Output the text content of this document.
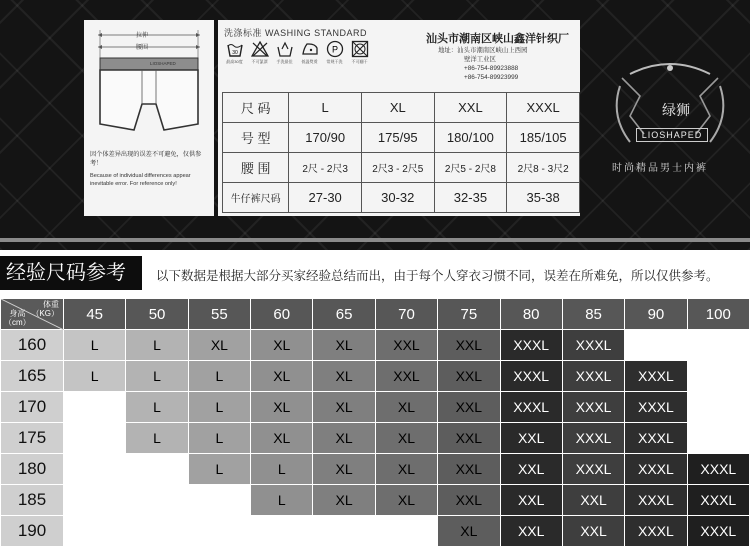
拉伸
腰围
LIOSHAPED
因个体差异出现的误差不可避免，仅供参考！
Because of individual differences appear inevitable error. For reference only!
洗涤标准 WASHING STANDARD
30
最高30度 不可氯漂	手洗最佳	低温熨烫
P
常规干洗	不可翻干
汕头市潮南区峡山鑫洋针织厂
地址：汕头市潮南区峡山上西园
壁洋工业区
+86-754-89923888
+86-754-89923999
尺 码	L	XL	XXL	XXXL
号 型	170/90	175/95	180/100	185/105
腰 围	2尺 - 2尺3	2尺3 - 2尺5	2尺5 - 2尺8	2尺8 - 3尺2
牛仔裤尺码	27-30	30-32	32-35	35-38
绿狮
LIOSHAPED
时尚精品男士内裤
经验尺码参考	以下数据是根据大部分买家经验总结而出，由于每个人穿衣习惯不同，误差在所难免，所以仅供参考。
体重
（KG）
身高
（cm）	45	50	55	60	65	70	75	80	85	90	100
160	L	L	XL	XL	XL	XXL	XXL	XXXL	XXXL		
165	L	L	L	XL	XL	XXL	XXL	XXXL	XXXL	XXXL	
170		L	L	XL	XL	XL	XXL	XXXL	XXXL	XXXL	
175		L	L	XL	XL	XL	XXL	XXL	XXXL	XXXL	
180			L	L	XL	XL	XXL	XXL	XXXL	XXXL	XXXL
185				L	XL	XL	XXL	XXL	XXL	XXXL	XXXL
190							XL	XXL	XXL	XXXL	XXXL
